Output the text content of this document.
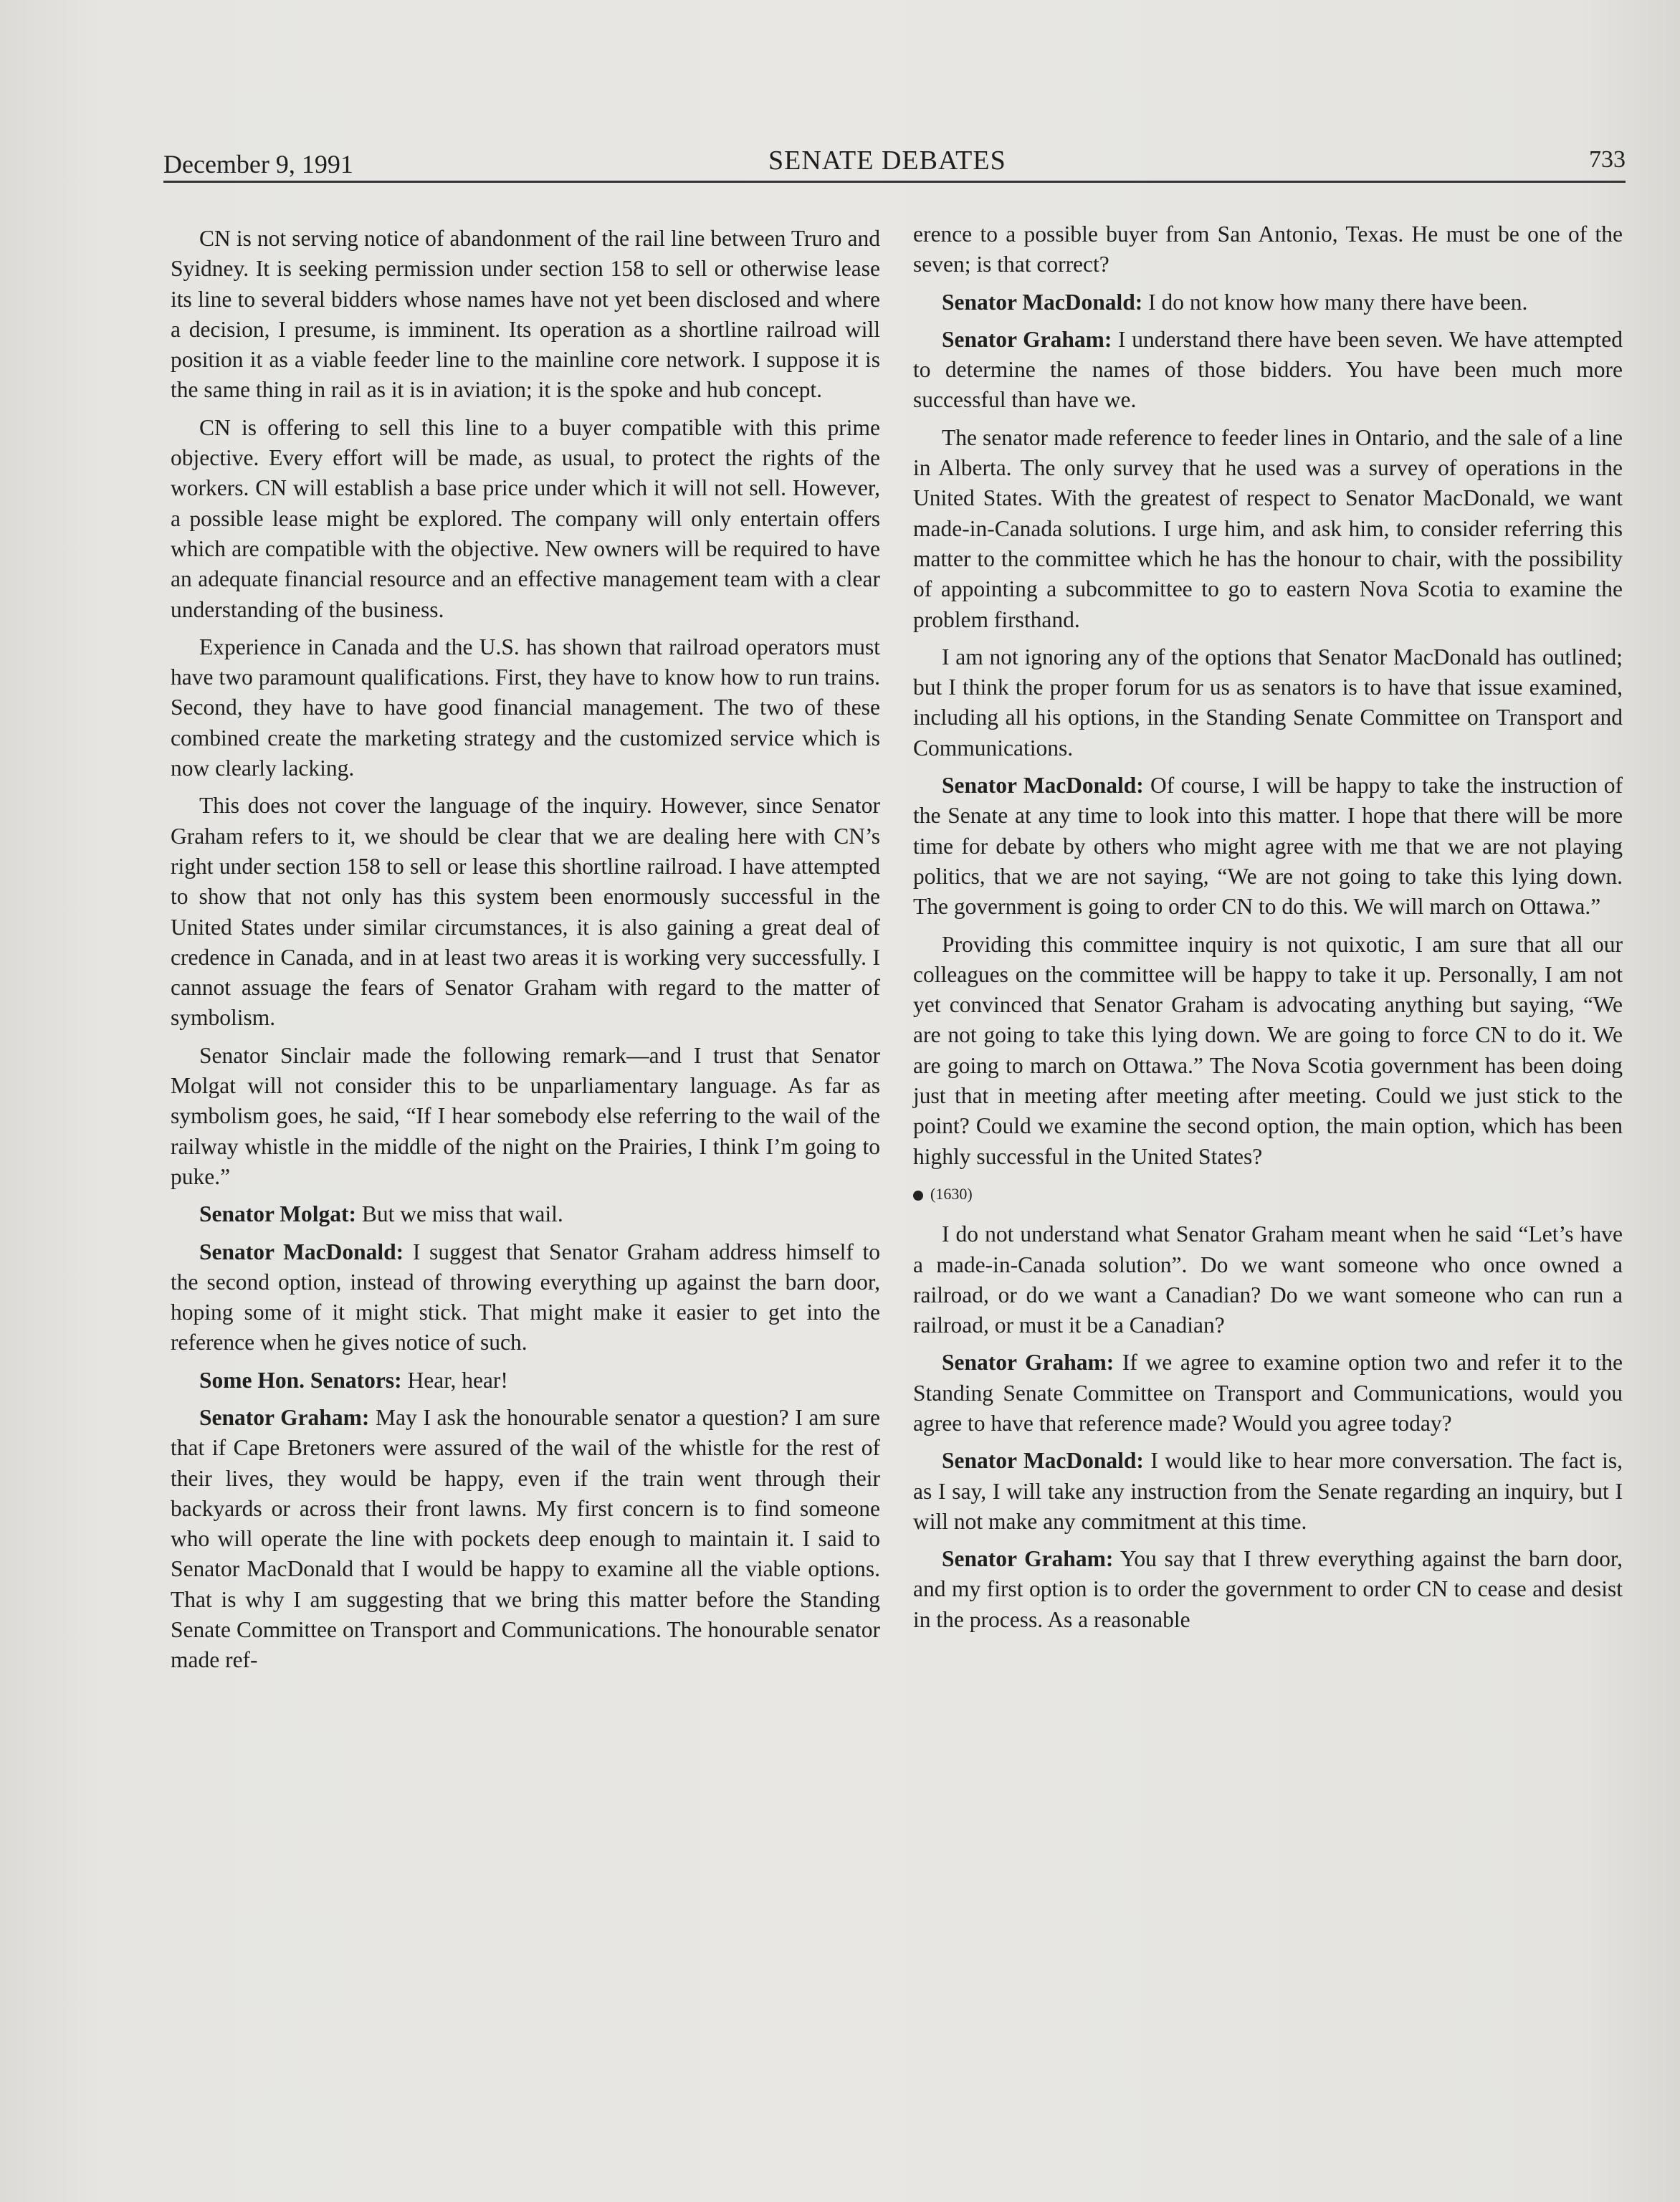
December 9, 1991	SENATE DEBATES	733

CN is not serving notice of abandonment of the rail line between Truro and Syidney. It is seeking permission under section 158 to sell or otherwise lease its line to several bidders whose names have not yet been disclosed and where a decision, I presume, is imminent. Its operation as a shortline railroad will position it as a viable feeder line to the mainline core network. I suppose it is the same thing in rail as it is in aviation; it is the spoke and hub concept.

CN is offering to sell this line to a buyer compatible with this prime objective. Every effort will be made, as usual, to protect the rights of the workers. CN will establish a base price under which it will not sell. However, a possible lease might be explored. The company will only entertain offers which are compatible with the objective. New owners will be required to have an adequate financial resource and an effective management team with a clear understanding of the business.

Experience in Canada and the U.S. has shown that railroad operators must have two paramount qualifications. First, they have to know how to run trains. Second, they have to have good financial management. The two of these combined create the marketing strategy and the customized service which is now clearly lacking.

This does not cover the language of the inquiry. However, since Senator Graham refers to it, we should be clear that we are dealing here with CN’s right under section 158 to sell or lease this shortline railroad. I have attempted to show that not only has this system been enormously successful in the United States under similar circumstances, it is also gaining a great deal of credence in Canada, and in at least two areas it is working very successfully. I cannot assuage the fears of Senator Graham with regard to the matter of symbolism.

Senator Sinclair made the following remark—and I trust that Senator Molgat will not consider this to be unparliamentary language. As far as symbolism goes, he said, “If I hear somebody else referring to the wail of the railway whistle in the middle of the night on the Prairies, I think I’m going to puke.”

Senator Molgat: But we miss that wail.

Senator MacDonald: I suggest that Senator Graham address himself to the second option, instead of throwing everything up against the barn door, hoping some of it might stick. That might make it easier to get into the reference when he gives notice of such.

Some Hon. Senators: Hear, hear!

Senator Graham: May I ask the honourable senator a question? I am sure that if Cape Bretoners were assured of the wail of the whistle for the rest of their lives, they would be happy, even if the train went through their backyards or across their front lawns. My first concern is to find someone who will operate the line with pockets deep enough to maintain it. I said to Senator MacDonald that I would be happy to examine all the viable options. That is why I am suggesting that we bring this matter before the Standing Senate Committee on Transport and Communications. The honourable senator made ref-

erence to a possible buyer from San Antonio, Texas. He must be one of the seven; is that correct?

Senator MacDonald: I do not know how many there have been.

Senator Graham: I understand there have been seven. We have attempted to determine the names of those bidders. You have been much more successful than have we.

The senator made reference to feeder lines in Ontario, and the sale of a line in Alberta. The only survey that he used was a survey of operations in the United States. With the greatest of respect to Senator MacDonald, we want made-in-Canada solutions. I urge him, and ask him, to consider referring this matter to the committee which he has the honour to chair, with the possibility of appointing a subcommittee to go to eastern Nova Scotia to examine the problem firsthand.

I am not ignoring any of the options that Senator MacDonald has outlined; but I think the proper forum for us as senators is to have that issue examined, including all his options, in the Standing Senate Committee on Transport and Communications.

Senator MacDonald: Of course, I will be happy to take the instruction of the Senate at any time to look into this matter. I hope that there will be more time for debate by others who might agree with me that we are not playing politics, that we are not saying, “We are not going to take this lying down. The government is going to order CN to do this. We will march on Ottawa.”

Providing this committee inquiry is not quixotic, I am sure that all our colleagues on the committee will be happy to take it up. Personally, I am not yet convinced that Senator Graham is advocating anything but saying, “We are not going to take this lying down. We are going to force CN to do it. We are going to march on Ottawa.” The Nova Scotia government has been doing just that in meeting after meeting after meeting. Could we just stick to the point? Could we examine the second option, the main option, which has been highly successful in the United States?

(1630)

I do not understand what Senator Graham meant when he said “Let’s have a made-in-Canada solution”. Do we want someone who once owned a railroad, or do we want a Canadian? Do we want someone who can run a railroad, or must it be a Canadian?

Senator Graham: If we agree to examine option two and refer it to the Standing Senate Committee on Transport and Communications, would you agree to have that reference made? Would you agree today?

Senator MacDonald: I would like to hear more conversation. The fact is, as I say, I will take any instruction from the Senate regarding an inquiry, but I will not make any commitment at this time.

Senator Graham: You say that I threw everything against the barn door, and my first option is to order the government to order CN to cease and desist in the process. As a reasonable
